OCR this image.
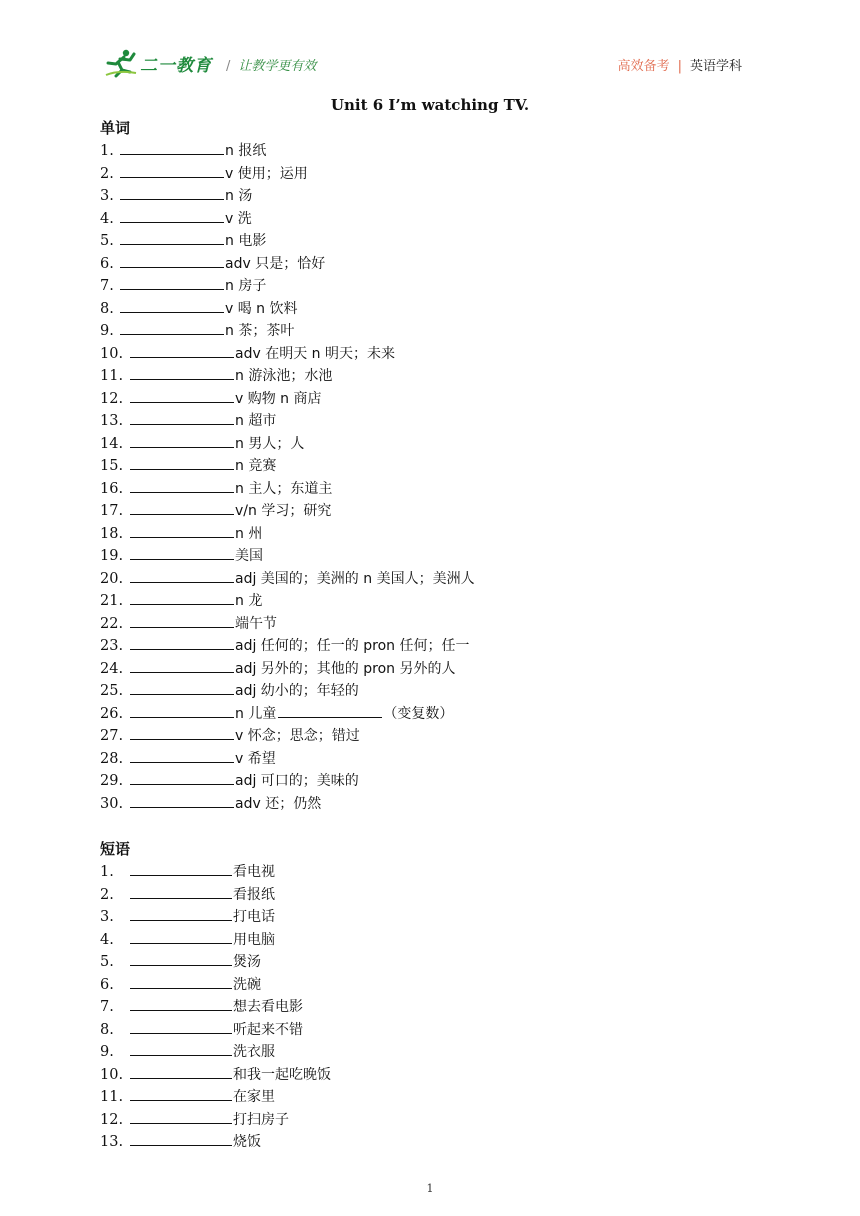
二一教育 / 让教学更有效	高效备考 | 英语学科
Unit 6 I’m watching TV.
单词
1.	n 报纸
2.	v 使用；运用
3.	n 汤
4.	v 洗
5.	n 电影
6.	adv 只是；恰好
7.	n 房子
8.	v 喝 n 饮料
9.	n 茶；茶叶
10.	adv 在明天 n 明天；未来
11.	n 游泳池；水池
12.	v 购物 n 商店
13.	n 超市
14.	n 男人；人
15.	n 竞赛
16.	n 主人；东道主
17.	v/n 学习；研究
18.	n 州
19.	美国
20.	adj 美国的；美洲的 n 美国人；美洲人
21.	n 龙
22.	端午节
23.	adj 任何的；任一的 pron 任何；任一
24.	adj 另外的；其他的 pron 另外的人
25.	adj 幼小的；年轻的
26.	n 儿童	（变复数）
27.	v 怀念；思念；错过
28.	v 希望
29.	adj 可口的；美味的
30.	adv 还；仍然
短语
1.	看电视
2.	看报纸
3.	打电话
4.	用电脑
5.	煲汤
6.	洗碗
7.	想去看电影
8.	听起来不错
9.	洗衣服
10.	和我一起吃晚饭
11.	在家里
12.	打扫房子
13.	烧饭
1
